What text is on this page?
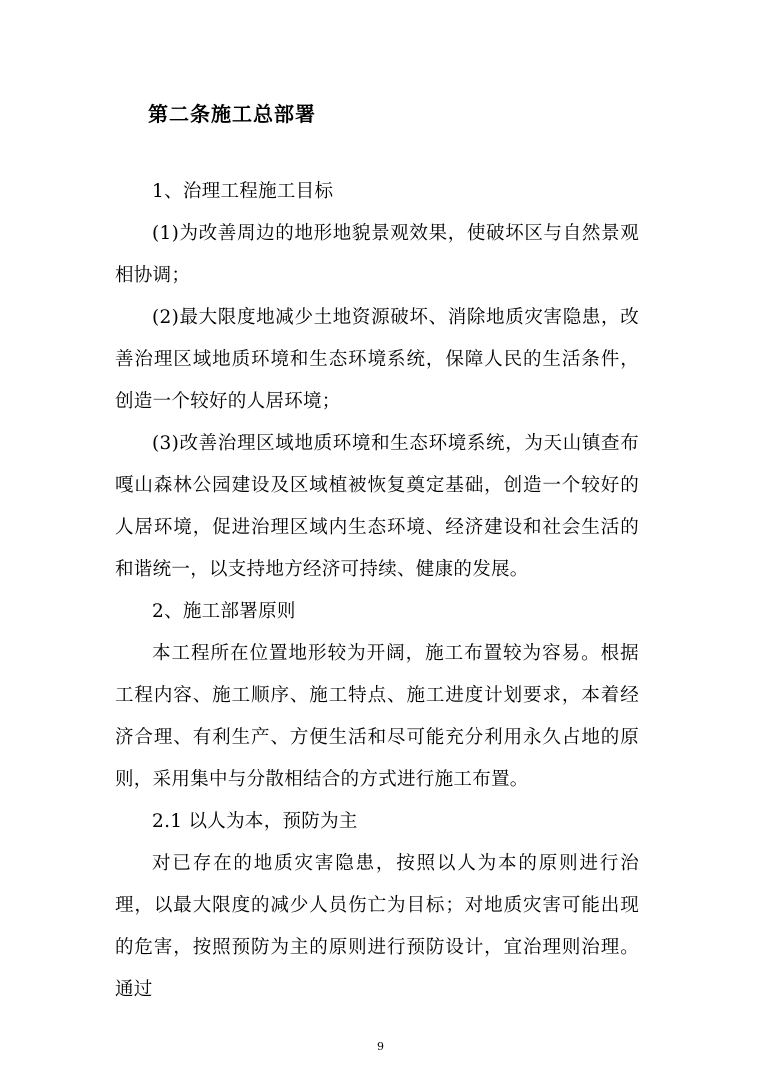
第二条施工总部署

1、治理工程施工目标

(1)为改善周边的地形地貌景观效果，使破坏区与自然景观相协调；

(2)最大限度地减少土地资源破坏、消除地质灾害隐患，改善治理区域地质环境和生态环境系统，保障人民的生活条件，创造一个较好的人居环境；

(3)改善治理区域地质环境和生态环境系统，为天山镇查布嘎山森林公园建设及区域植被恢复奠定基础，创造一个较好的人居环境，促进治理区域内生态环境、经济建设和社会生活的和谐统一，以支持地方经济可持续、健康的发展。

2、施工部署原则

本工程所在位置地形较为开阔，施工布置较为容易。根据工程内容、施工顺序、施工特点、施工进度计划要求，本着经济合理、有利生产、方便生活和尽可能充分利用永久占地的原则，采用集中与分散相结合的方式进行施工布置。

2.1 以人为本，预防为主

对已存在的地质灾害隐患，按照以人为本的原则进行治理，以最大限度的减少人员伤亡为目标；对地质灾害可能出现的危害，按照预防为主的原则进行预防设计，宜治理则治理。通过

9
